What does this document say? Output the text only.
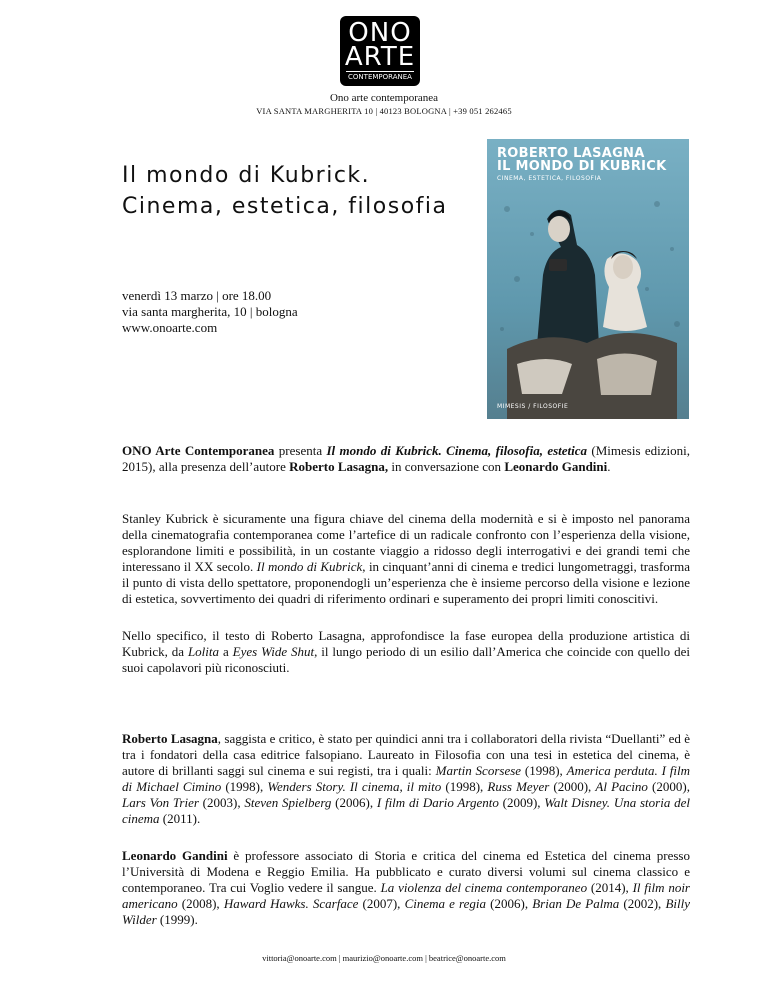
ONO
ARTE
CONTEMPORANEA
Ono arte contemporanea
VIA SANTA MARGHERITA 10 | 40123 BOLOGNA | +39 051 262465
Il mondo di Kubrick.
Cinema, estetica, filosofia
venerdì 13 marzo | ore 18.00
via santa margherita, 10 | bologna
www.onoarte.com
ROBERTO LASAGNA
IL MONDO DI KUBRICK
CINEMA, ESTETICA, FILOSOFIA
MIMESIS / FILOSOFIE
ONO Arte Contemporanea presenta Il mondo di Kubrick. Cinema, filosofia, estetica (Mimesis edizioni, 2015), alla presenza dell’autore Roberto Lasagna, in conversazione con Leonardo Gandini.
Stanley Kubrick è sicuramente una figura chiave del cinema della modernità e si è imposto nel panorama della cinematografia contemporanea come l’artefice di un radicale confronto con l’esperienza della visione, esplorandone limiti e possibilità, in un costante viaggio a ridosso degli interrogativi e dei grandi temi che interessano il XX secolo. Il mondo di Kubrick, in cinquant’anni di cinema e tredici lungometraggi, trasforma il punto di vista dello spettatore, proponendogli un’esperienza che è insieme percorso della visione e lezione di estetica, sovvertimento dei quadri di riferimento ordinari e superamento dei propri limiti conoscitivi.
Nello specifico, il testo di Roberto Lasagna, approfondisce la fase europea della produzione artistica di Kubrick, da Lolita a Eyes Wide Shut, il lungo periodo di un esilio dall’America che coincide con quello dei suoi capolavori più riconosciuti.
Roberto Lasagna, saggista e critico, è stato per quindici anni tra i collaboratori della rivista “Duellanti” ed è tra i fondatori della casa editrice falsopiano. Laureato in Filosofia con una tesi in estetica del cinema, è autore di brillanti saggi sul cinema e sui registi, tra i quali: Martin Scorsese (1998), America perduta. I film di Michael Cimino (1998), Wenders Story. Il cinema, il mito (1998), Russ Meyer (2000), Al Pacino (2000), Lars Von Trier (2003), Steven Spielberg (2006), I film di Dario Argento (2009), Walt Disney. Una storia del cinema (2011).
Leonardo Gandini è professore associato di Storia e critica del cinema ed Estetica del cinema presso l’Università di Modena e Reggio Emilia. Ha pubblicato e curato diversi volumi sul cinema classico e contemporaneo. Tra cui Voglio vedere il sangue. La violenza del cinema contemporaneo (2014), Il film noir americano (2008), Haward Hawks. Scarface (2007), Cinema e regia (2006), Brian De Palma (2002), Billy Wilder (1999).
vittoria@onoarte.com | maurizio@onoarte.com | beatrice@onoarte.com
